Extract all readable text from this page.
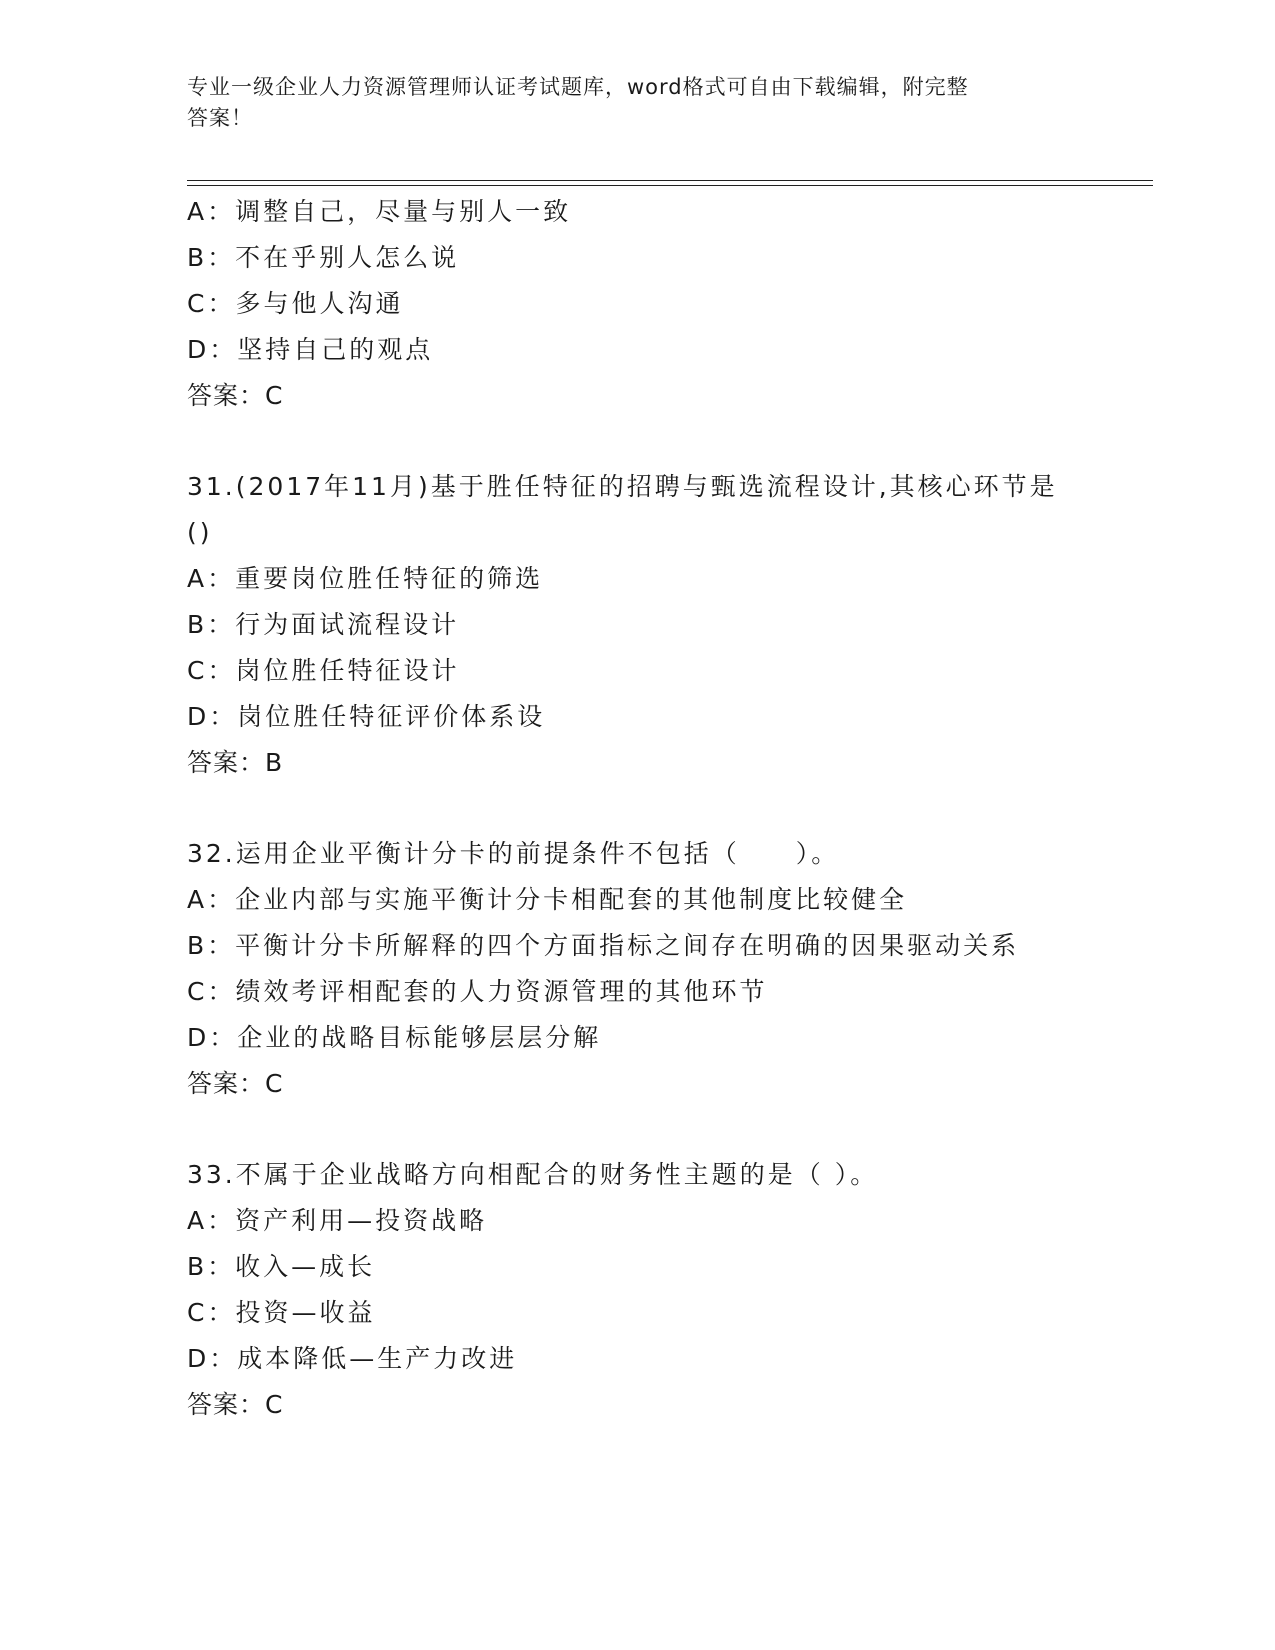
专业一级企业人力资源管理师认证考试题库，word格式可自由下载编辑，附完整
答案！
A：调整自己，尽量与别人一致
B：不在乎别人怎么说
C：多与他人沟通
D：坚持自己的观点
答案：C
31.(2017年11月)基于胜任特征的招聘与甄选流程设计,其核心环节是
()
A：重要岗位胜任特征的筛选
B：行为面试流程设计
C：岗位胜任特征设计
D：岗位胜任特征评价体系设
答案：B
32.运用企业平衡计分卡的前提条件不包括（　　）。
A：企业内部与实施平衡计分卡相配套的其他制度比较健全
B：平衡计分卡所解释的四个方面指标之间存在明确的因果驱动关系
C：绩效考评相配套的人力资源管理的其他环节
D：企业的战略目标能够层层分解
答案：C
33.不属于企业战略方向相配合的财务性主题的是（ ）。
A：资产利用—投资战略
B：收入—成长
C：投资—收益
D：成本降低—生产力改进
答案：C
